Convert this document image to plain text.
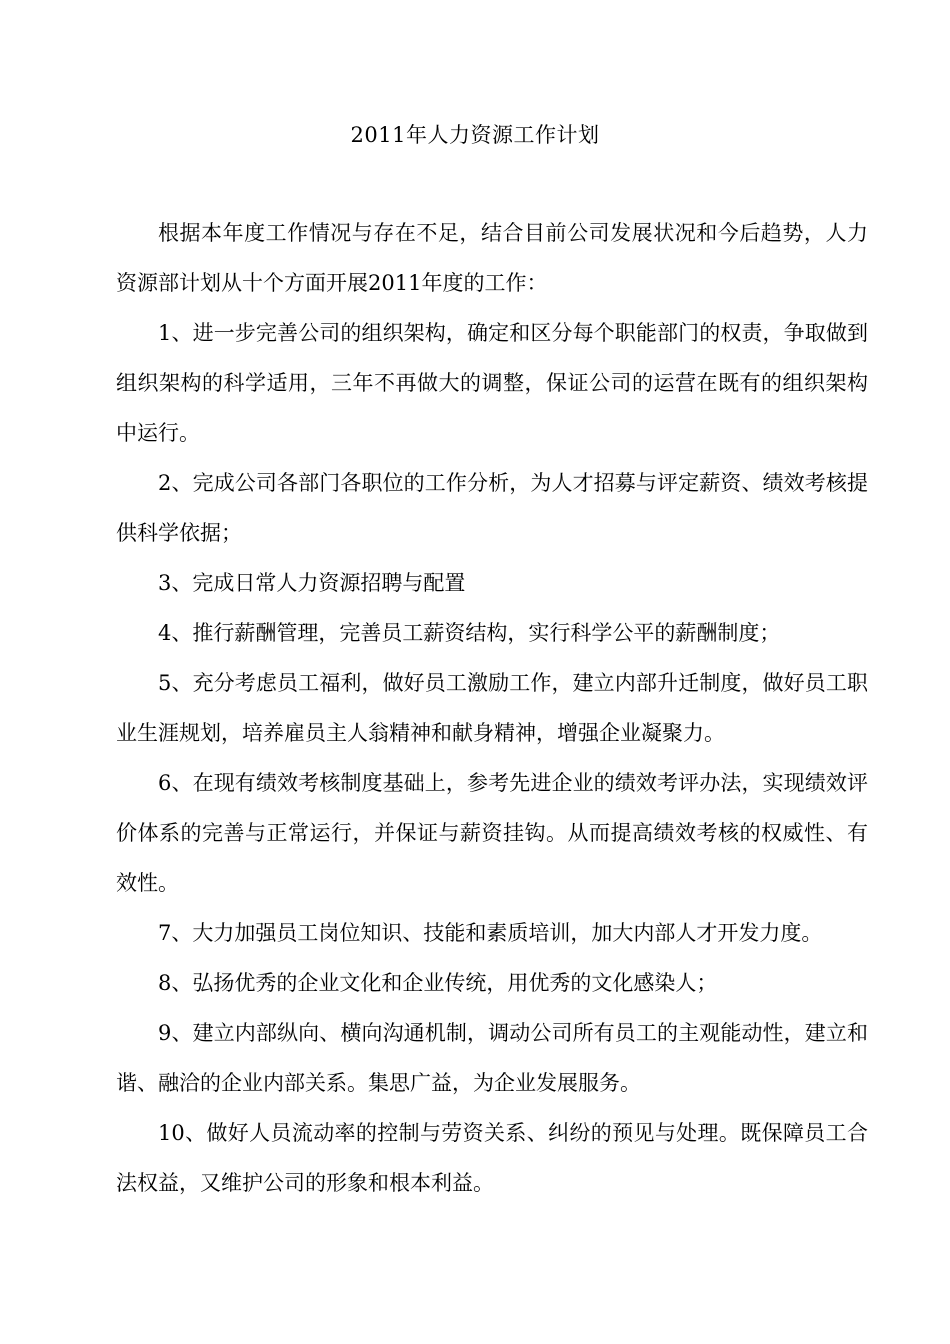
2011年人力资源工作计划

根据本年度工作情况与存在不足，结合目前公司发展状况和今后趋势，人力资源部计划从十个方面开展2011年度的工作：

1、进一步完善公司的组织架构，确定和区分每个职能部门的权责，争取做到组织架构的科学适用，三年不再做大的调整，保证公司的运营在既有的组织架构中运行。

2、完成公司各部门各职位的工作分析，为人才招募与评定薪资、绩效考核提供科学依据；

3、完成日常人力资源招聘与配置

4、推行薪酬管理，完善员工薪资结构，实行科学公平的薪酬制度；

5、充分考虑员工福利，做好员工激励工作，建立内部升迁制度，做好员工职业生涯规划，培养雇员主人翁精神和献身精神，增强企业凝聚力。

6、在现有绩效考核制度基础上，参考先进企业的绩效考评办法，实现绩效评价体系的完善与正常运行，并保证与薪资挂钩。从而提高绩效考核的权威性、有效性。

7、大力加强员工岗位知识、技能和素质培训，加大内部人才开发力度。

8、弘扬优秀的企业文化和企业传统，用优秀的文化感染人；

9、建立内部纵向、横向沟通机制，调动公司所有员工的主观能动性，建立和谐、融洽的企业内部关系。集思广益，为企业发展服务。

10、做好人员流动率的控制与劳资关系、纠纷的预见与处理。既保障员工合法权益，又维护公司的形象和根本利益。
